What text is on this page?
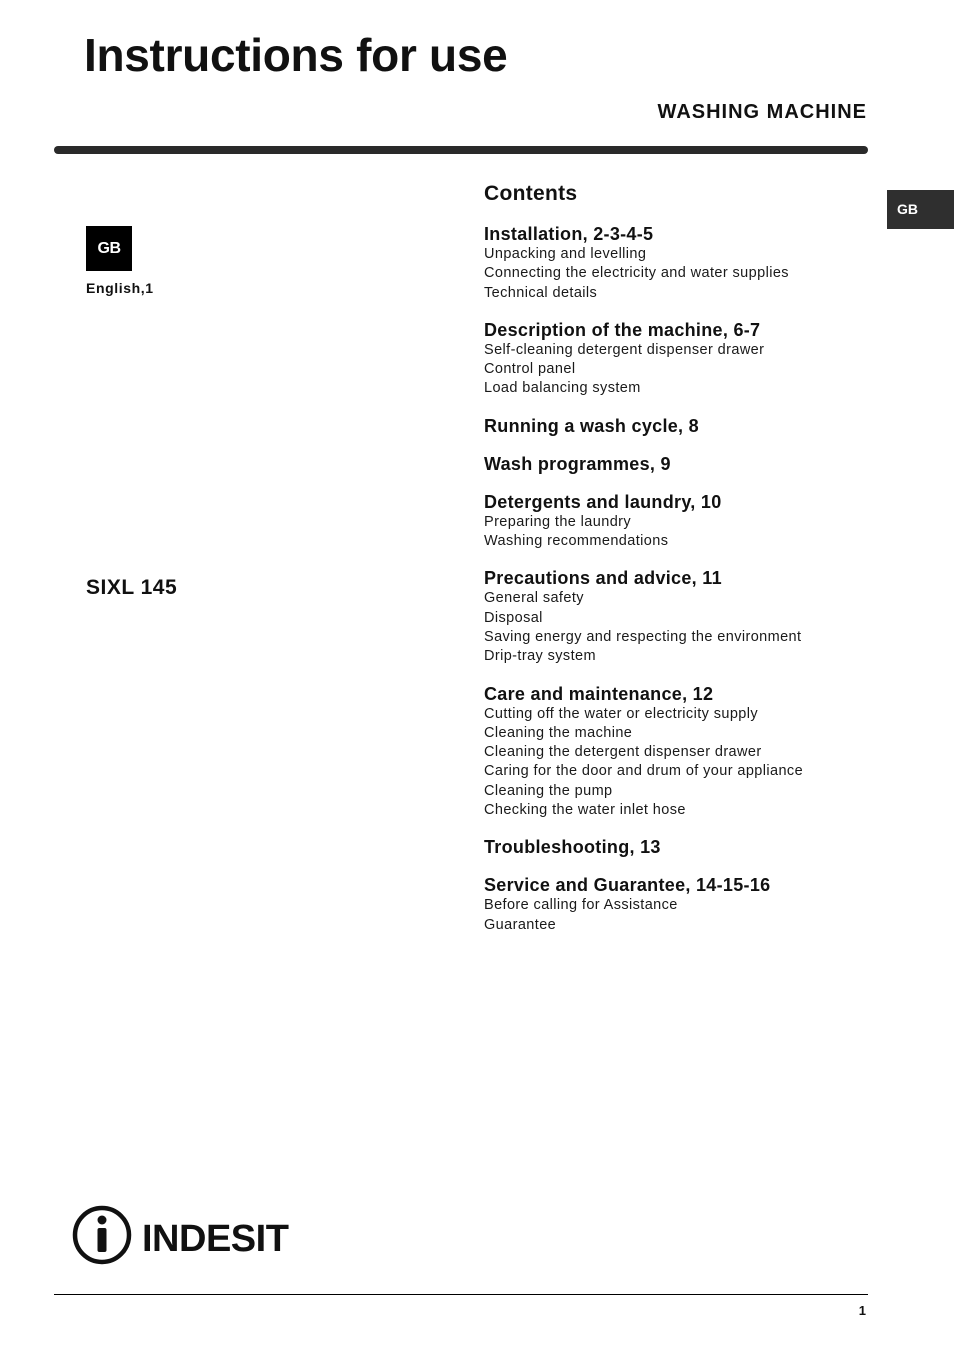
Instructions for use
WASHING MACHINE
GB
GB
English,1
SIXL 145
Contents
Installation, 2-3-4-5
Unpacking and levelling
Connecting the electricity and water supplies
Technical details
Description of the machine, 6-7
Self-cleaning detergent dispenser drawer
Control panel
Load balancing system
Running a wash cycle, 8
Wash programmes, 9
Detergents and laundry, 10
Preparing the laundry
Washing recommendations
Precautions and advice, 11
General safety
Disposal
Saving energy and respecting the environment
Drip-tray system
Care and maintenance, 12
Cutting off the water or electricity supply
Cleaning the machine
Cleaning the detergent dispenser drawer
Caring for the door and drum of your appliance
Cleaning the pump
Checking the water inlet hose
Troubleshooting, 13
Service and Guarantee, 14-15-16
Before calling for Assistance
Guarantee
INDESIT
1
